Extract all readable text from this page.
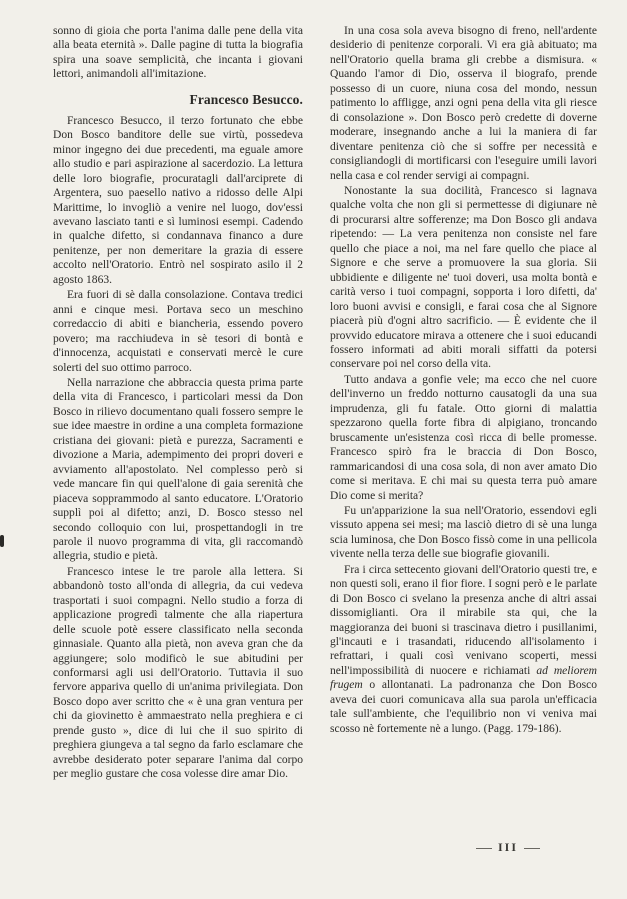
sonno di gioia che porta l'anima dalle pene della vita alla beata eternità ». Dalle pagine di tutta la biografia spira una soave semplicità, che incanta i giovani lettori, animandoli all'imitazione.

Francesco Besucco.

Francesco Besucco, il terzo fortunato che ebbe Don Bosco banditore delle sue virtù, possedeva minor ingegno dei due precedenti, ma eguale amore allo studio e pari aspirazione al sacerdozio. La lettura delle loro biografie, procuratagli dall'arciprete di Argentera, suo paesello nativo a ridosso delle Alpi Marittime, lo invogliò a venire nel luogo, dov'essi avevano lasciato tanti e sì luminosi esempi. Cadendo in qualche difetto, si condannava financo a dure penitenze, per non demeritare la grazia di essere accolto nell'Oratorio. Entrò nel sospirato asilo il 2 agosto 1863.

Era fuori di sè dalla consolazione. Contava tredici anni e cinque mesi. Portava seco un meschino corredaccio di abiti e biancheria, essendo povero povero; ma racchiudeva in sè tesori di bontà e d'innocenza, acquistati e conservati mercè le cure solerti del suo ottimo parroco.

Nella narrazione che abbraccia questa prima parte della vita di Francesco, i particolari messi da Don Bosco in rilievo documentano quali fossero sempre le sue idee maestre in ordine a una completa formazione cristiana dei giovani: pietà e purezza, Sacramenti e divozione a Maria, adempimento dei propri doveri e avviamento all'apostolato. Nel complesso però si vede mancare fin qui quell'alone di gaia serenità che piaceva sopprammodo al santo educatore. L'Oratorio supplì poi al difetto; anzi, D. Bosco stesso nel secondo colloquio con lui, prospettandogli in tre parole il nuovo programma di vita, gli raccomandò allegria, studio e pietà.

Francesco intese le tre parole alla lettera. Si abbandonò tosto all'onda di allegria, da cui vedeva trasportati i suoi compagni. Nello studio a forza di applicazione progredì talmente che alla riapertura delle scuole potè essere classificato nella seconda ginnasiale. Quanto alla pietà, non aveva gran che da aggiungere; solo modificò le sue abitudini per conformarsi agli usi dell'Oratorio. Tuttavia il suo fervore appariva quello di un'anima privilegiata. Don Bosco dopo aver scritto che « è una gran ventura per chi da giovinetto è ammaestrato nella preghiera e ci prende gusto », dice di lui che il suo spirito di preghiera giungeva a tal segno da farlo esclamare che avrebbe desiderato poter separare l'anima dal corpo per meglio gustare che cosa volesse dire amar Dio.

In una cosa sola aveva bisogno di freno, nell'ardente desiderio di penitenze corporali. Vi era già abituato; ma nell'Oratorio quella brama gli crebbe a dismisura. « Quando l'amor di Dio, osserva il biografo, prende possesso di un cuore, niuna cosa del mondo, nessun patimento lo affligge, anzi ogni pena della vita gli riesce di consolazione ». Don Bosco però credette di doverne moderare, insegnando anche a lui la maniera di far diventare penitenza ciò che si soffre per necessità e consigliandogli di mortificarsi con l'eseguire umili lavori nella casa e col render servigi ai compagni.

Nonostante la sua docilità, Francesco si lagnava qualche volta che non gli si permettesse di digiunare nè di procurarsi altre sofferenze; ma Don Bosco gli andava ripetendo: — La vera penitenza non consiste nel fare quello che piace a noi, ma nel fare quello che piace al Signore e che serve a promuovere la sua gloria. Sii ubbidiente e diligente ne' tuoi doveri, usa molta bontà e carità verso i tuoi compagni, sopporta i loro difetti, da' loro buoni avvisi e consigli, e farai cosa che al Signore piacerà più d'ogni altro sacrificio. — È evidente che il provvido educatore mirava a ottenere che i suoi educandi fossero informati ad abiti morali siffatti da potersi conservare poi nel corso della vita.

Tutto andava a gonfie vele; ma ecco che nel cuore dell'inverno un freddo notturno causatogli da una sua imprudenza, gli fu fatale. Otto giorni di malattia spezzarono quella forte fibra di alpigiano, troncando bruscamente un'esistenza così ricca di belle promesse. Francesco spirò fra le braccia di Don Bosco, rammaricandosi di una cosa sola, di non aver amato Dio come si meritava. E chi mai su questa terra può amare Dio come si merita?

Fu un'apparizione la sua nell'Oratorio, essendovi egli vissuto appena sei mesi; ma lasciò dietro di sè una lunga scia luminosa, che Don Bosco fissò come in una pellicola vivente nella terza delle sue biografie giovanili.

Fra i circa settecento giovani dell'Oratorio questi tre, e non questi soli, erano il fior fiore. I sogni però e le parlate di Don Bosco ci svelano la presenza anche di altri assai dissomiglianti. Ora il mirabile sta qui, che la maggioranza dei buoni si trascinava dietro i pusillanimi, gl'incauti e i trasandati, riducendo all'isolamento i refrattari, i quali così venivano scoperti, messi nell'impossibilità di nuocere e richiamati ad meliorem frugem o allontanati. La padronanza che Don Bosco aveva dei cuori comunicava alla sua parola un'efficacia tale sull'ambiente, che l'equilibrio non vi veniva mai scosso nè fortemente nè a lungo. (Pagg. 179-186).

III
